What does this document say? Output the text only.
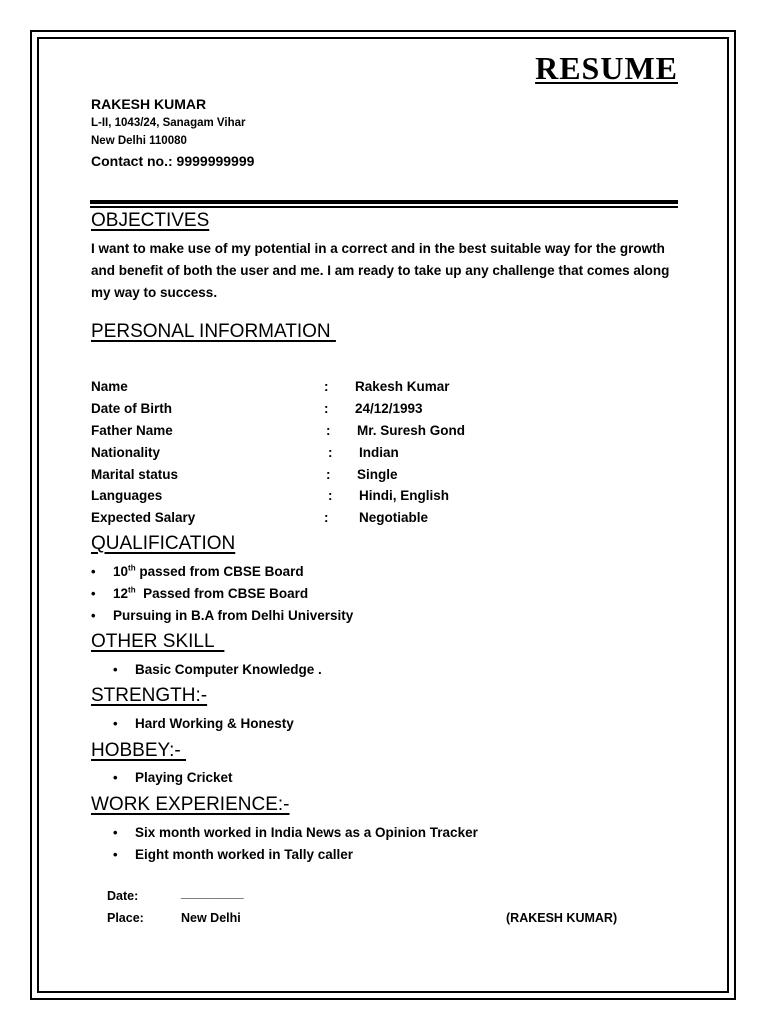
RESUME
RAKESH KUMAR
L-II, 1043/24, Sanagam Vihar
New Delhi 110080
Contact no.: 9999999999
OBJECTIVES

I want to make use of my potential in a correct and in the best suitable way for the growth and benefit of both the user and me. I am ready to take up any challenge that comes along my way to success.

PERSONAL INFORMATION
Name	:	Rakesh Kumar
Date of Birth	:	24/12/1993
Father Name	:	Mr. Suresh Gond
Nationality	:	Indian
Marital status	:	Single
Languages	:	Hindi, English
Expected Salary	:	Negotiable
QUALIFICATION
• 10th passed from CBSE Board
• 12th  Passed from CBSE Board
• Pursuing in B.A from Delhi University
OTHER SKILL
• Basic Computer Knowledge .
STRENGTH:-
• Hard Working & Honesty
HOBBEY:-
• Playing Cricket
WORK EXPERIENCE:-
• Six month worked in India News as a Opinion Tracker
• Eight month worked in Tally caller
Date:	_________
Place:	New Delhi	(RAKESH KUMAR)
